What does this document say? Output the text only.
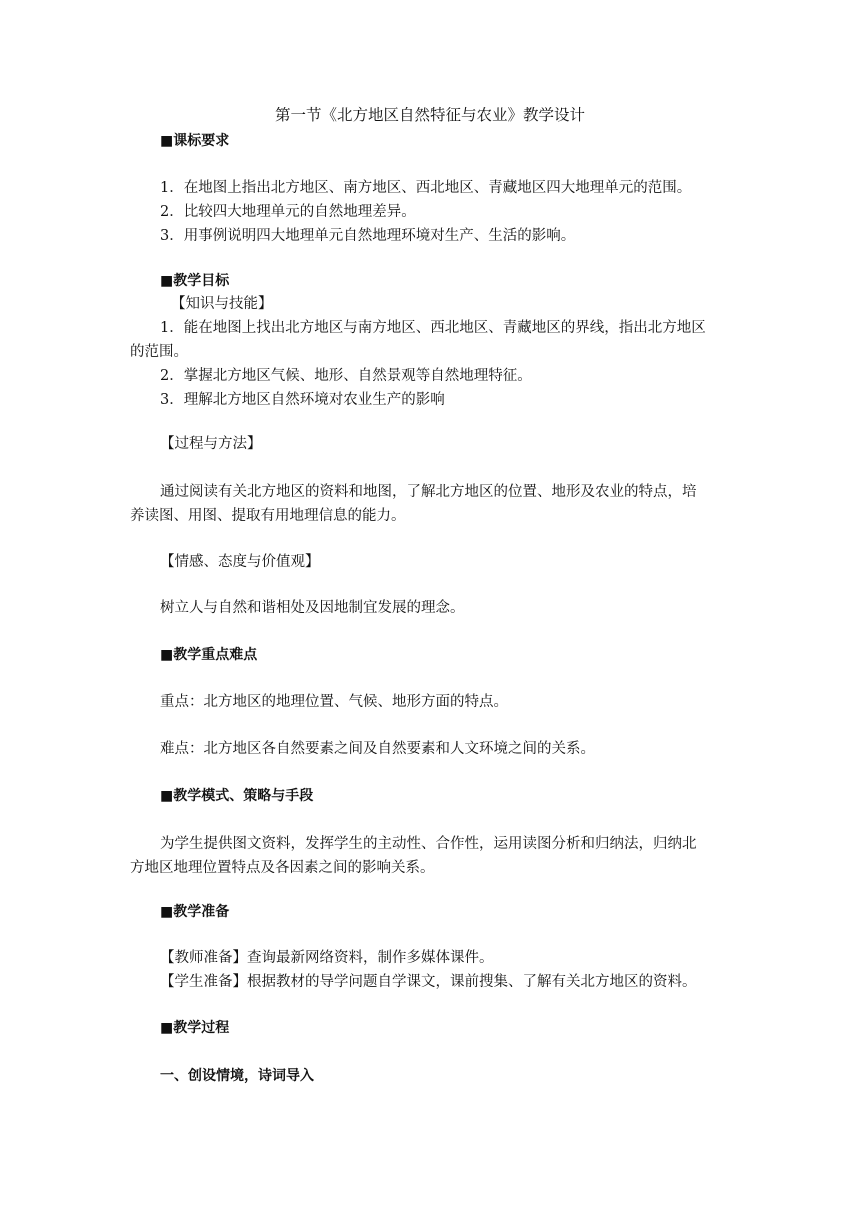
第一节《北方地区自然特征与农业》教学设计
■课标要求
1．在地图上指出北方地区、南方地区、西北地区、青藏地区四大地理单元的范围。
2．比较四大地理单元的自然地理差异。
3．用事例说明四大地理单元自然地理环境对生产、生活的影响。
■教学目标
【知识与技能】
1．能在地图上找出北方地区与南方地区、西北地区、青藏地区的界线，指出北方地区
的范围。
2．掌握北方地区气候、地形、自然景观等自然地理特征。
3．理解北方地区自然环境对农业生产的影响
【过程与方法】
通过阅读有关北方地区的资料和地图，了解北方地区的位置、地形及农业的特点，培养读图、用图、提取有用地理信息的能力。
【情感、态度与价值观】
树立人与自然和谐相处及因地制宜发展的理念。
■教学重点难点
重点：北方地区的地理位置、气候、地形方面的特点。
难点：北方地区各自然要素之间及自然要素和人文环境之间的关系。
■教学模式、策略与手段
为学生提供图文资料，发挥学生的主动性、合作性，运用读图分析和归纳法，归纳北方地区地理位置特点及各因素之间的影响关系。
■教学准备
【教师准备】查询最新网络资料，制作多媒体课件。
【学生准备】根据教材的导学问题自学课文，课前搜集、了解有关北方地区的资料。
■教学过程
一、创设情境，诗词导入
